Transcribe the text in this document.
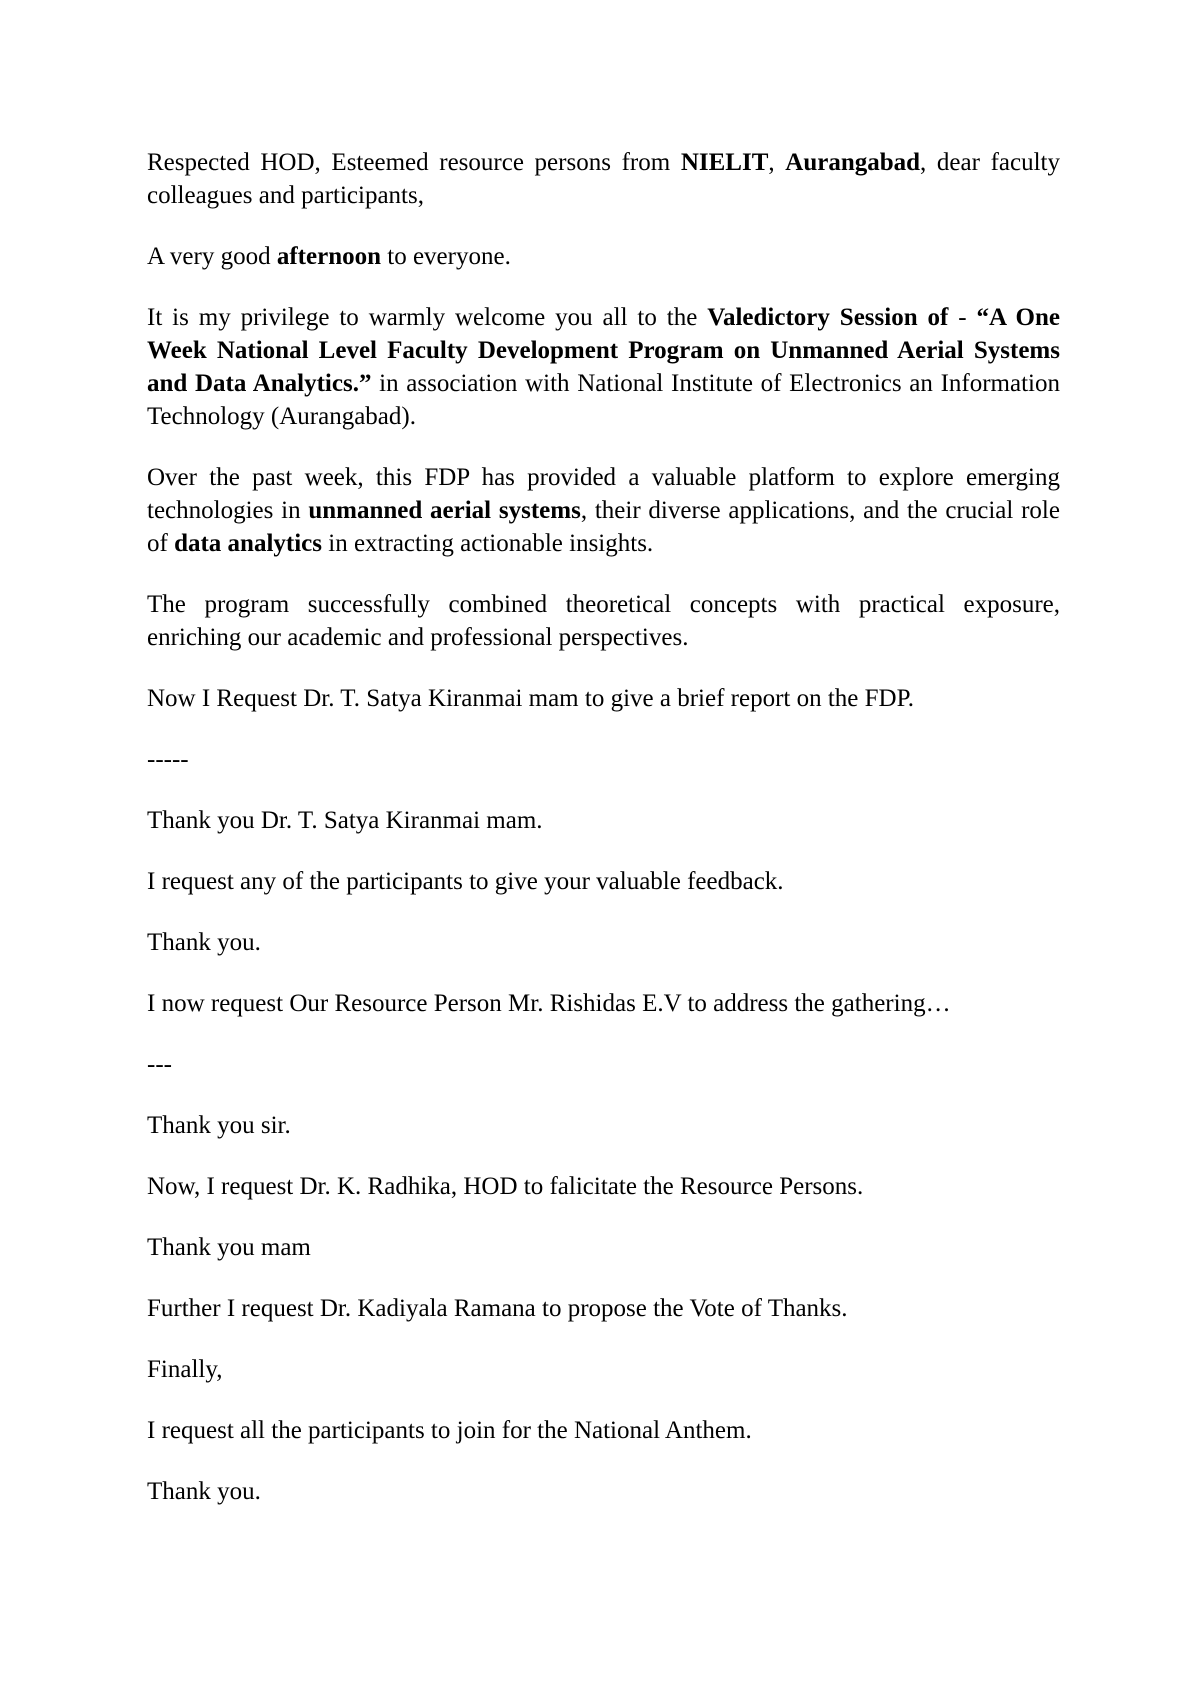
Respected HOD, Esteemed resource persons from NIELIT, Aurangabad, dear faculty colleagues and participants,

A very good afternoon to everyone.

It is my privilege to warmly welcome you all to the Valedictory Session of - “A One Week National Level Faculty Development Program on Unmanned Aerial Systems and Data Analytics.” in association with National Institute of Electronics an Information Technology (Aurangabad).

Over the past week, this FDP has provided a valuable platform to explore emerging technologies in unmanned aerial systems, their diverse applications, and the crucial role of data analytics in extracting actionable insights.

The program successfully combined theoretical concepts with practical exposure, enriching our academic and professional perspectives.

Now I Request Dr. T. Satya Kiranmai mam to give a brief report on the FDP.

-----

Thank you Dr. T. Satya Kiranmai mam.

I request any of the participants to give your valuable feedback.

Thank you.

I now request Our Resource Person Mr. Rishidas E.V to address the gathering…

---

Thank you sir.

Now, I request Dr. K. Radhika, HOD to falicitate the Resource Persons.

Thank you mam

Further I request Dr. Kadiyala Ramana to propose the Vote of Thanks.

Finally,

I request all the participants to join for the National Anthem.

Thank you.
